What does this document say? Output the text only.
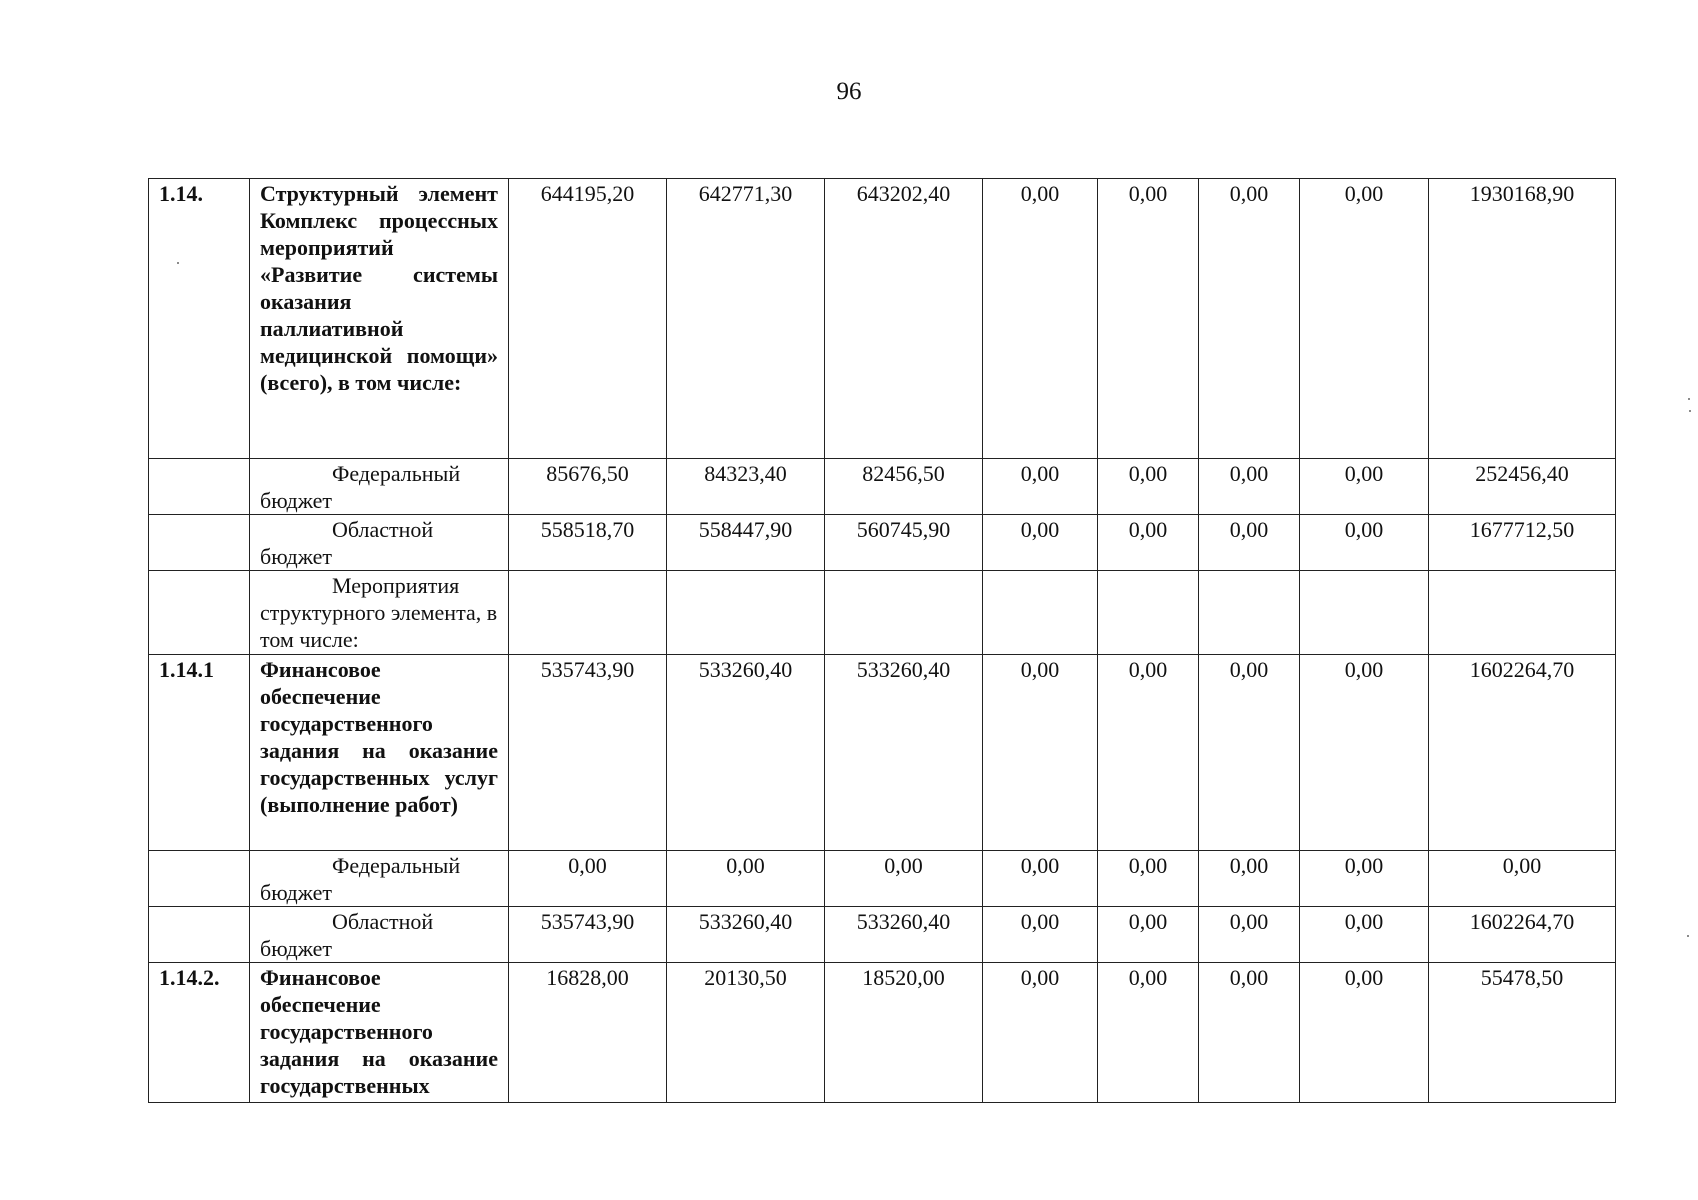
96
1.14.	Структурный элемент Комплекс процессных мероприятий «Развитие системы оказания паллиативной медицинской помощи» (всего), в том числе:	644195,20	642771,30	643202,40	0,00	0,00	0,00	0,00	1930168,90
	Федеральный бюджет	85676,50	84323,40	82456,50	0,00	0,00	0,00	0,00	252456,40
	Областной бюджет	558518,70	558447,90	560745,90	0,00	0,00	0,00	0,00	1677712,50
	Мероприятия структурного элемента, в том числе:								
1.14.1	Финансовое обеспечение государственного задания на оказание государственных услуг (выполнение работ)	535743,90	533260,40	533260,40	0,00	0,00	0,00	0,00	1602264,70
	Федеральный бюджет	0,00	0,00	0,00	0,00	0,00	0,00	0,00	0,00
	Областной бюджет	535743,90	533260,40	533260,40	0,00	0,00	0,00	0,00	1602264,70
1.14.2.	Финансовое обеспечение государственного задания на оказание государственных	16828,00	20130,50	18520,00	0,00	0,00	0,00	0,00	55478,50
